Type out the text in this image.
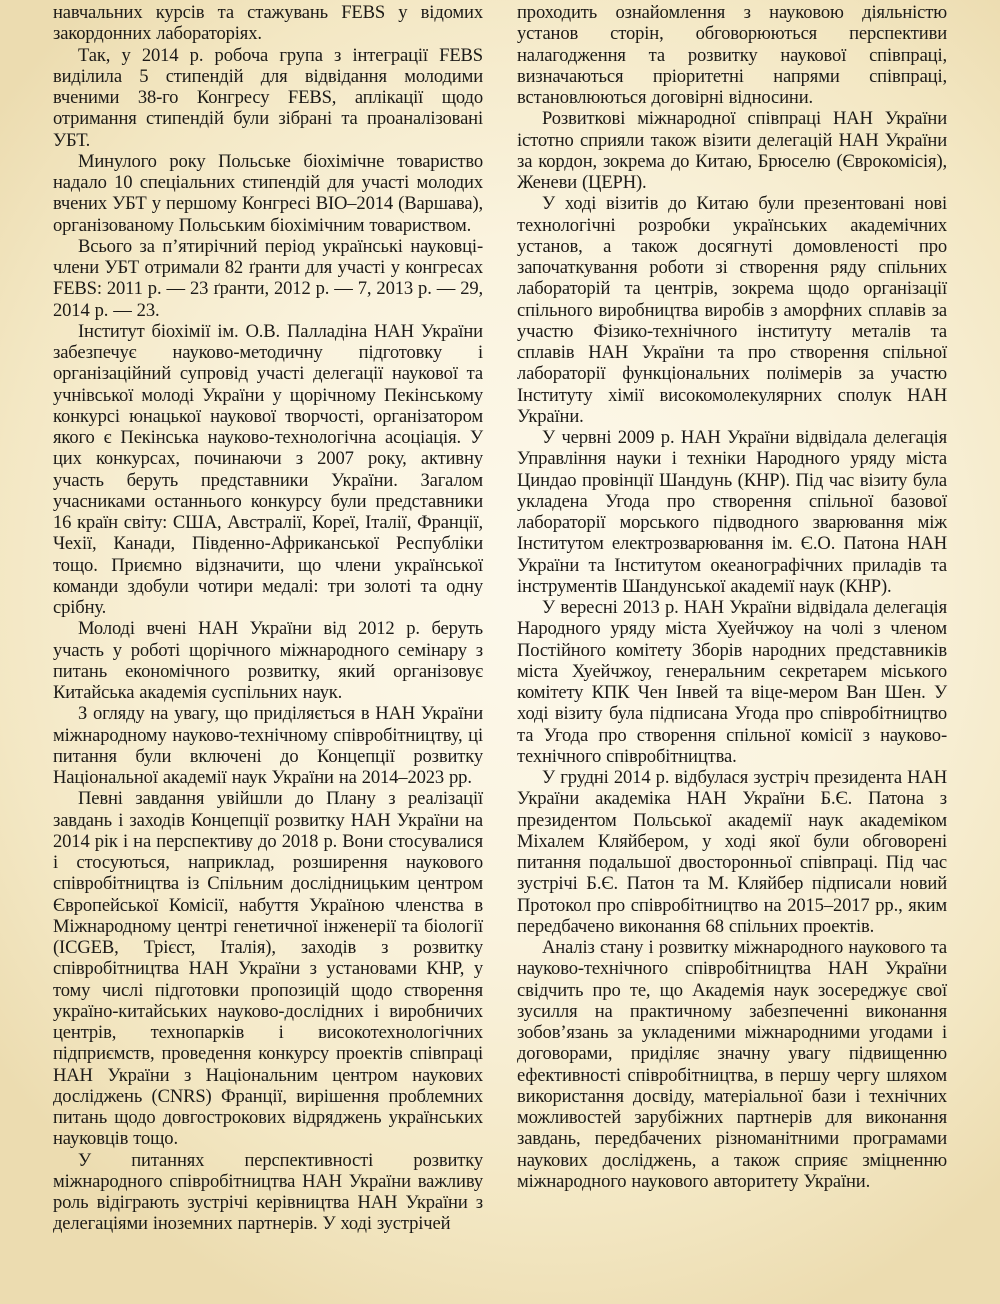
навчальних курсів та стажувань FEBS у відомих закордонних лабораторіях.

Так, у 2014 р. робоча група з інтеграції FEBS виділила 5 стипендій для відвідання молодими вченими 38-го Конгресу FEBS, аплікації щодо отримання стипендій були зібрані та проаналізовані УБТ.

Минулого року Польське біохімічне товариство надало 10 спеціальних стипендій для участі молодих вчених УБТ у першому Конгресі BIO–2014 (Варшава), організованому Польським біохімічним товариством.

Всього за п’ятирічний період українські науковці-члени УБТ отримали 82 ґранти для участі у конгресах FEBS: 2011 р. — 23 ґранти, 2012 р. — 7, 2013 р. — 29, 2014 р. — 23.

Інститут біохімії ім. О.В. Палладіна НАН України забезпечує науково-методичну підготовку і організаційний супровід участі делегації наукової та учнівської молоді України у щорічному Пекінському конкурсі юнацької наукової творчості, організатором якого є Пекінська науково-технологічна асоціація. У цих конкурсах, починаючи з 2007 року, активну участь беруть представники України. Загалом учасниками останнього конкурсу були представники 16 країн світу: США, Австралії, Кореї, Італії, Франції, Чехії, Канади, Південно-Африканської Республіки тощо. Приємно відзначити, що члени української команди здобули чотири медалі: три золоті та одну срібну.

Молоді вчені НАН України від 2012 р. беруть участь у роботі щорічного міжнародного семінару з питань економічного розвитку, який організовує Китайська академія суспільних наук.

З огляду на увагу, що приділяється в НАН України міжнародному науково-технічному співробітництву, ці питання були включені до Концепції розвитку Національної академії наук України на 2014–2023 рр.

Певні завдання увійшли до Плану з реалізації завдань і заходів Концепції розвитку НАН України на 2014 рік і на перспективу до 2018 р. Вони стосувалися і стосуються, наприклад, розширення наукового співробітництва із Спільним дослідницьким центром Європейської Комісії, набуття Україною членства в Міжнародному центрі генетичної інженерії та біології (ICGEB, Трієст, Італія), заходів з розвитку співробітництва НАН України з установами КНР, у тому числі підготовки пропозицій щодо створення україно-китайських науково-дослідних і виробничих центрів, технопарків і високотехнологічних підприємств, проведення конкурсу проектів співпраці НАН України з Національним центром наукових досліджень (CNRS) Франції, вирішення проблемних питань щодо довгострокових відряджень українських науковців тощо.

У питаннях перспективності розвитку міжнародного співробітництва НАН України важливу роль відіграють зустрічі керівництва НАН України з делегаціями іноземних партнерів. У ході зустрічей

проходить ознайомлення з науковою діяльністю установ сторін, обговорюються перспективи налагодження та розвитку наукової співпраці, визначаються пріоритетні напрями співпраці, встановлюються договірні відносини.

Розвиткові міжнародної співпраці НАН України істотно сприяли також візити делегацій НАН України за кордон, зокрема до Китаю, Брюселю (Єврокомісія), Женеви (ЦЕРН).

У ході візитів до Китаю були презентовані нові технологічні розробки українських академічних установ, а також досягнуті домовленості про започаткування роботи зі створення ряду спільних лабораторій та центрів, зокрема щодо організації спільного виробництва виробів з аморфних сплавів за участю Фізико-технічного інституту металів та сплавів НАН України та про створення спільної лабораторії функціональних полімерів за участю Інституту хімії високомолекулярних сполук НАН України.

У червні 2009 р. НАН України відвідала делегація Управління науки і техніки Народного уряду міста Циндао провінції Шандунь (КНР). Під час візиту була укладена Угода про створення спільної базової лабораторії морського підводного зварювання між Інститутом електрозварювання ім. Є.О. Патона НАН України та Інститутом океанографічних приладів та інструментів Шандунської академії наук (КНР).

У вересні 2013 р. НАН України відвідала делегація Народного уряду міста Хуейчжоу на чолі з членом Постійного комітету Зборів народних представників міста Хуейчжоу, генеральним секретарем міського комітету КПК Чен Інвей та віце-мером Ван Шен. У ході візиту була підписана Угода про співробітництво та Угода про створення спільної комісії з науково-технічного співробітництва.

У грудні 2014 р. відбулася зустріч президента НАН України академіка НАН України Б.Є. Патона з президентом Польської академії наук академіком Міхалем Кляйбером, у ході якої були обговорені питання подальшої двосторонньої співпраці. Під час зустрічі Б.Є. Патон та М. Кляйбер підписали новий Протокол про співробітництво на 2015–2017 рр., яким передбачено виконання 68 спільних проектів.

Аналіз стану і розвитку міжнародного наукового та науково-технічного співробітництва НАН України свідчить про те, що Академія наук зосереджує свої зусилля на практичному забезпеченні виконання зобов’язань за укладеними міжнародними угодами і договорами, приділяє значну увагу підвищенню ефективності співробітництва, в першу чергу шляхом використання досвіду, матеріальної бази і технічних можливостей зарубіжних партнерів для виконання завдань, передбачених різноманітними програмами наукових досліджень, а також сприяє зміцненню міжнародного наукового авторитету України.
